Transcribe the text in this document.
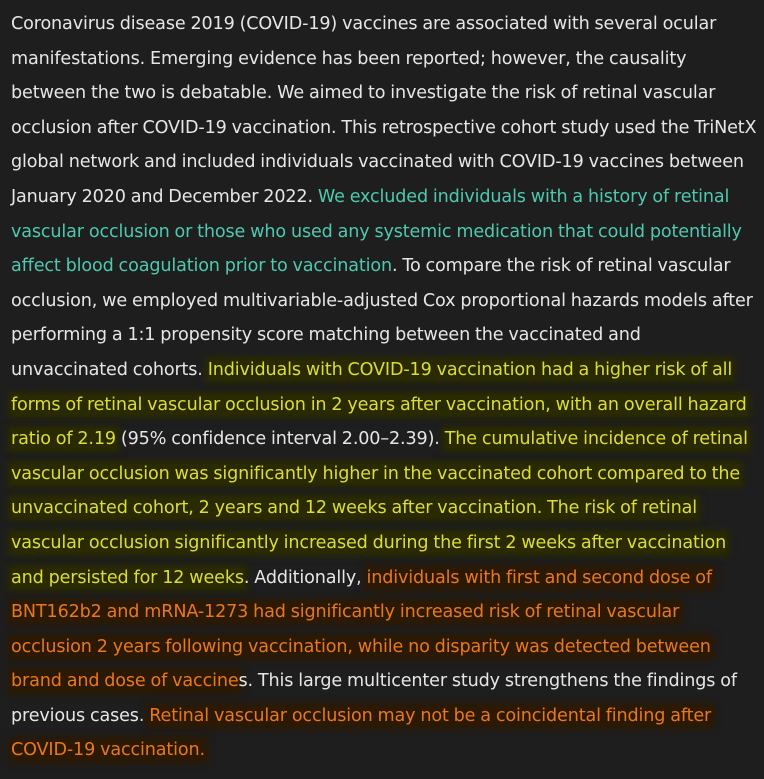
Coronavirus disease 2019 (COVID-19) vaccines are associated with several ocular manifestations. Emerging evidence has been reported; however, the causality between the two is debatable. We aimed to investigate the risk of retinal vascular occlusion after COVID-19 vaccination. This retrospective cohort study used the TriNetX global network and included individuals vaccinated with COVID-19 vaccines between January 2020 and December 2022. We excluded individuals with a history of retinal vascular occlusion or those who used any systemic medication that could potentially affect blood coagulation prior to vaccination. To compare the risk of retinal vascular occlusion, we employed multivariable-adjusted Cox proportional hazards models after performing a 1:1 propensity score matching between the vaccinated and unvaccinated cohorts. Individuals with COVID-19 vaccination had a higher risk of all forms of retinal vascular occlusion in 2 years after vaccination, with an overall hazard ratio of 2.19 (95% confidence interval 2.00–2.39). The cumulative incidence of retinal vascular occlusion was significantly higher in the vaccinated cohort compared to the unvaccinated cohort, 2 years and 12 weeks after vaccination. The risk of retinal vascular occlusion significantly increased during the first 2 weeks after vaccination and persisted for 12 weeks. Additionally, individuals with first and second dose of BNT162b2 and mRNA-1273 had significantly increased risk of retinal vascular occlusion 2 years following vaccination, while no disparity was detected between brand and dose of vaccines. This large multicenter study strengthens the findings of previous cases. Retinal vascular occlusion may not be a coincidental finding after COVID-19 vaccination.
